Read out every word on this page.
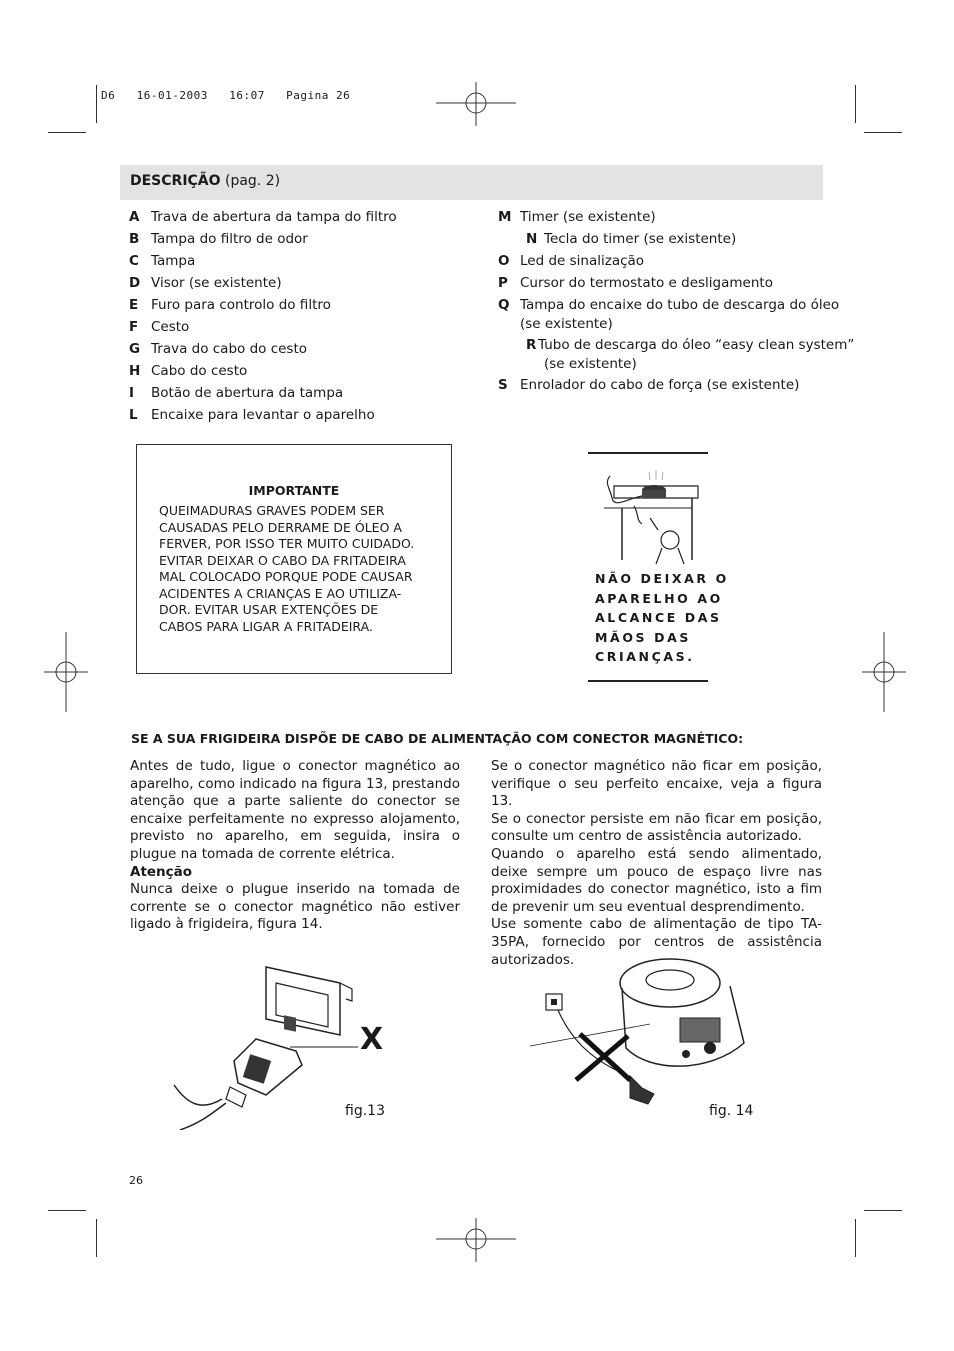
D6   16-01-2003   16:07   Pagina 26
DESCRIÇÃO (pag. 2)
A Trava de abertura da tampa do filtro
B Tampa do filtro de odor
C Tampa
D Visor (se existente)
E Furo para controlo do filtro
F Cesto
G Trava do cabo do cesto
H Cabo do cesto
I Botão de abertura da tampa
L Encaixe para levantar o aparelho
M Timer (se existente)
N Tecla do timer (se existente)
O Led de sinalização
P Cursor do termostato e desligamento
Q Tampa do encaixe do tubo de descarga do óleo
(se existente)
R Tubo de descarga do óleo “easy clean system”
(se existente)
S Enrolador do cabo de força (se existente)
IMPORTANTE
QUEIMADURAS GRAVES PODEM SER
CAUSADAS PELO DERRAME DE ÓLEO A
FERVER, POR ISSO TER MUITO CUIDADO.
EVITAR DEIXAR O CABO DA FRITADEIRA
MAL COLOCADO PORQUE PODE CAUSAR
ACIDENTES A CRIANÇAS E AO UTILIZA-
DOR. EVITAR USAR EXTENÇÕES DE
CABOS PARA LIGAR A FRITADEIRA.
NÃO DEIXAR O
APARELHO AO
ALCANCE DAS
MÃOS DAS
CRIANÇAS.
SE A SUA FRIGIDEIRA DISPÕE DE CABO DE ALIMENTAÇÃO COM CONECTOR MAGNÉTICO:

Antes de tudo, ligue o conector magnético ao aparelho, como indicado na figura 13, prestando atenção que a parte saliente do conector se encaixe perfeitamente no expresso alojamento, previsto no aparelho, em seguida, insira o plugue na tomada de corrente elétrica.

Atenção

Nunca deixe o plugue inserido na tomada de corrente se o conector magnético não estiver ligado à frigideira, figura 14.

Se o conector magnético não ficar em posição, verifique o seu perfeito encaixe, veja a figura 13.

Se o conector persiste em não ficar em posição, consulte um centro de assistência autorizado.

Quando o aparelho está sendo alimentado, deixe sempre um pouco de espaço livre nas proximidades do conector magnético, isto a fim de prevenir um seu eventual desprendimento.

Use somente cabo de alimentação de tipo TA-35PA, fornecido por centros de assistência autorizados.

X
fig.13	fig. 14
26
